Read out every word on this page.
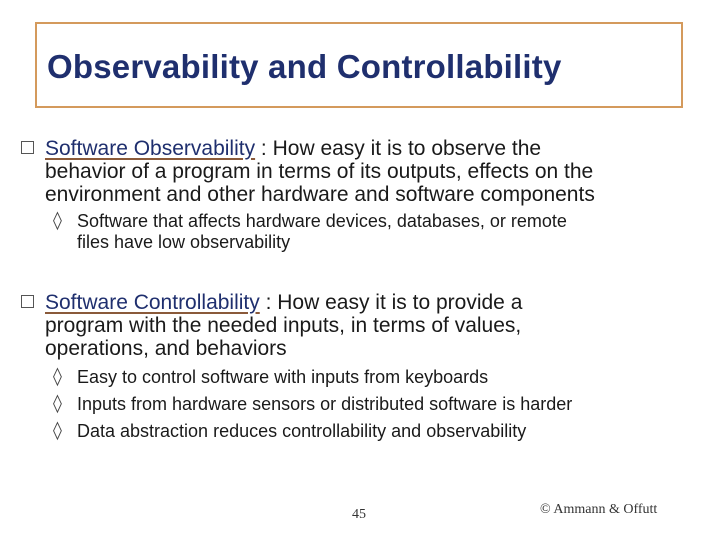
Observability and Controllability
Software Observability : How easy it is to observe the
behavior of a program in terms of its outputs, effects on the
environment and other hardware and software components
◊ Software that affects hardware devices, databases, or remote
files have low observability
Software Controllability : How easy it is to provide a
program with the needed inputs, in terms of values,
operations, and behaviors
◊ Easy to control software with inputs from keyboards
◊ Inputs from hardware sensors or distributed software is harder
◊ Data abstraction reduces controllability and observability
45	© Ammann & Offutt
